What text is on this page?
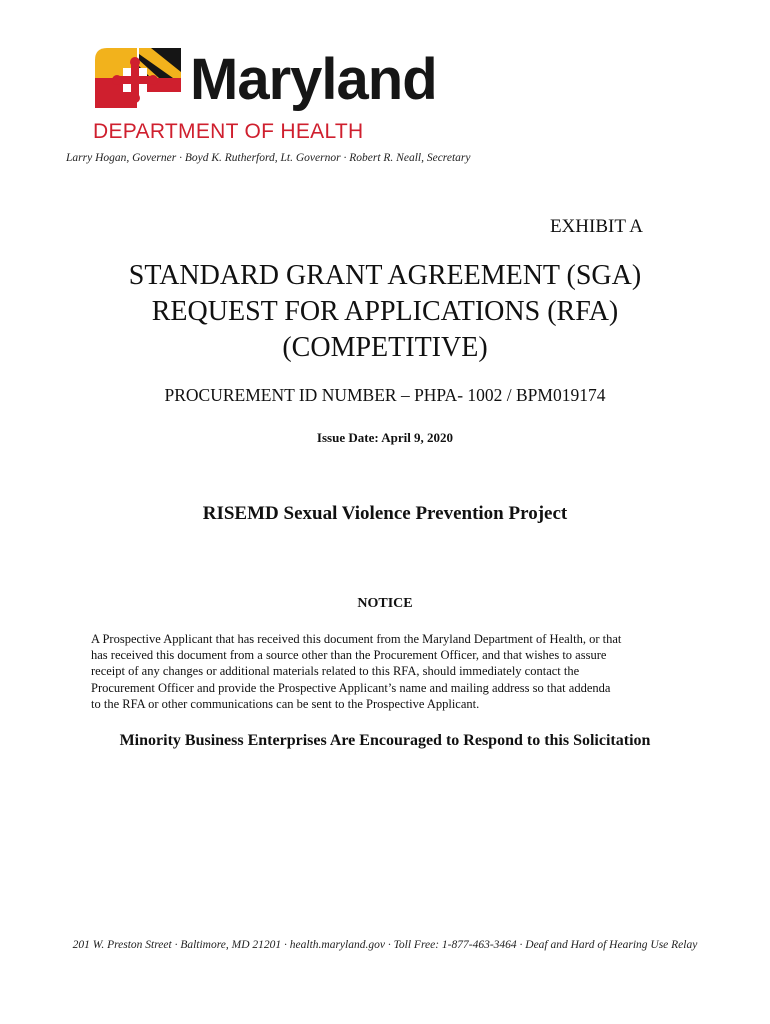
Maryland
DEPARTMENT OF HEALTH
Larry Hogan, Governer · Boyd K. Rutherford, Lt. Governor · Robert R. Neall, Secretary
EXHIBIT A
STANDARD GRANT AGREEMENT (SGA)
REQUEST FOR APPLICATIONS (RFA)
(COMPETITIVE)
PROCUREMENT ID NUMBER – PHPA- 1002 / BPM019174
Issue Date: April 9, 2020
RISEMD Sexual Violence Prevention Project
NOTICE
A Prospective Applicant that has received this document from the Maryland Department of Health, or that
has received this document from a source other than the Procurement Officer, and that wishes to assure
receipt of any changes or additional materials related to this RFA, should immediately contact the
Procurement Officer and provide the Prospective Applicant’s name and mailing address so that addenda
to the RFA or other communications can be sent to the Prospective Applicant.
Minority Business Enterprises Are Encouraged to Respond to this Solicitation
201 W. Preston Street · Baltimore, MD 21201 · health.maryland.gov · Toll Free: 1-877-463-3464 · Deaf and Hard of Hearing Use Relay
